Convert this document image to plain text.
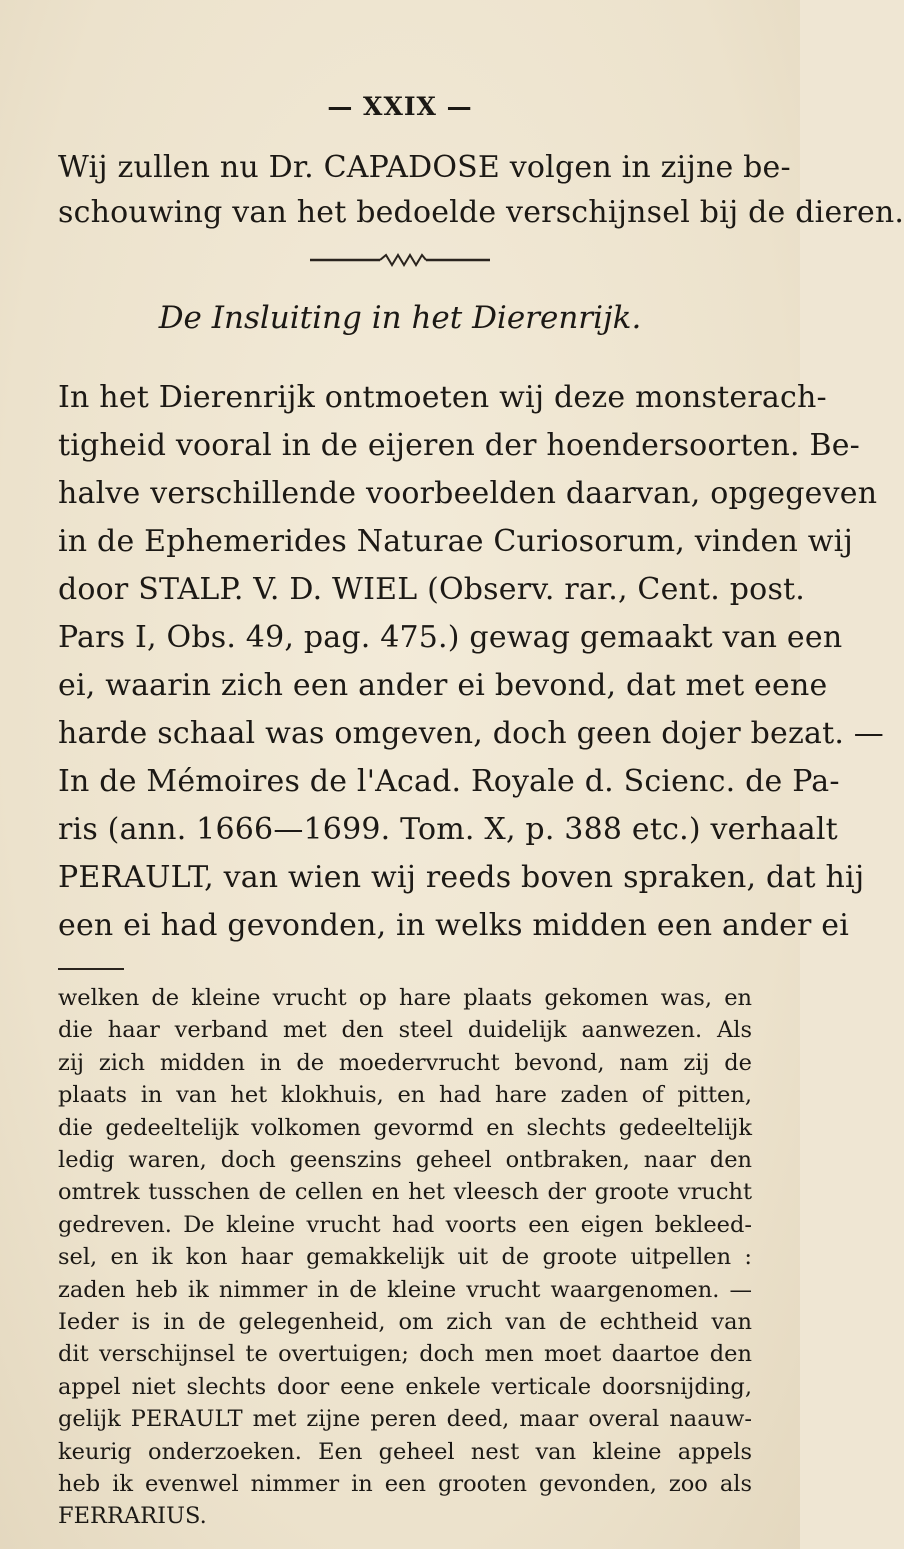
— XXIX —
Wij zullen nu Dr. CAPADOSE volgen in zijne be-
schouwing van het bedoelde verschijnsel bij de dieren.
De Insluiting in het Dierenrijk.
In het Dierenrijk ontmoeten wij deze monsterach-
tigheid vooral in de eijeren der hoendersoorten. Be-
halve verschillende voorbeelden daarvan, opgegeven
in de Ephemerides Naturae Curiosorum, vinden wij
door STALP. V. D. WIEL (Observ. rar., Cent. post.
Pars I, Obs. 49, pag. 475.) gewag gemaakt van een
ei, waarin zich een ander ei bevond, dat met eene
harde schaal was omgeven, doch geen dojer bezat. —
In de Mémoires de l'Acad. Royale d. Scienc. de Pa-
ris (ann. 1666—1699. Tom. X, p. 388 etc.) verhaalt
PERAULT, van wien wij reeds boven spraken, dat hij
een ei had gevonden, in welks midden een ander ei
welken de kleine vrucht op hare plaats gekomen was, en
die haar verband met den steel duidelijk aanwezen. Als
zij zich midden in de moedervrucht bevond, nam zij de
plaats in van het klokhuis, en had hare zaden of pitten,
die gedeeltelijk volkomen gevormd en slechts gedeeltelijk
ledig waren, doch geenszins geheel ontbraken, naar den
omtrek tusschen de cellen en het vleesch der groote vrucht
gedreven. De kleine vrucht had voorts een eigen bekleed-
sel, en ik kon haar gemakkelijk uit de groote uitpellen :
zaden heb ik nimmer in de kleine vrucht waargenomen. —
Ieder is in de gelegenheid, om zich van de echtheid van
dit verschijnsel te overtuigen; doch men moet daartoe den
appel niet slechts door eene enkele verticale doorsnijding,
gelijk PERAULT met zijne peren deed, maar overal naauw-
keurig onderzoeken. Een geheel nest van kleine appels
heb ik evenwel nimmer in een grooten gevonden, zoo als
FERRARIUS.
